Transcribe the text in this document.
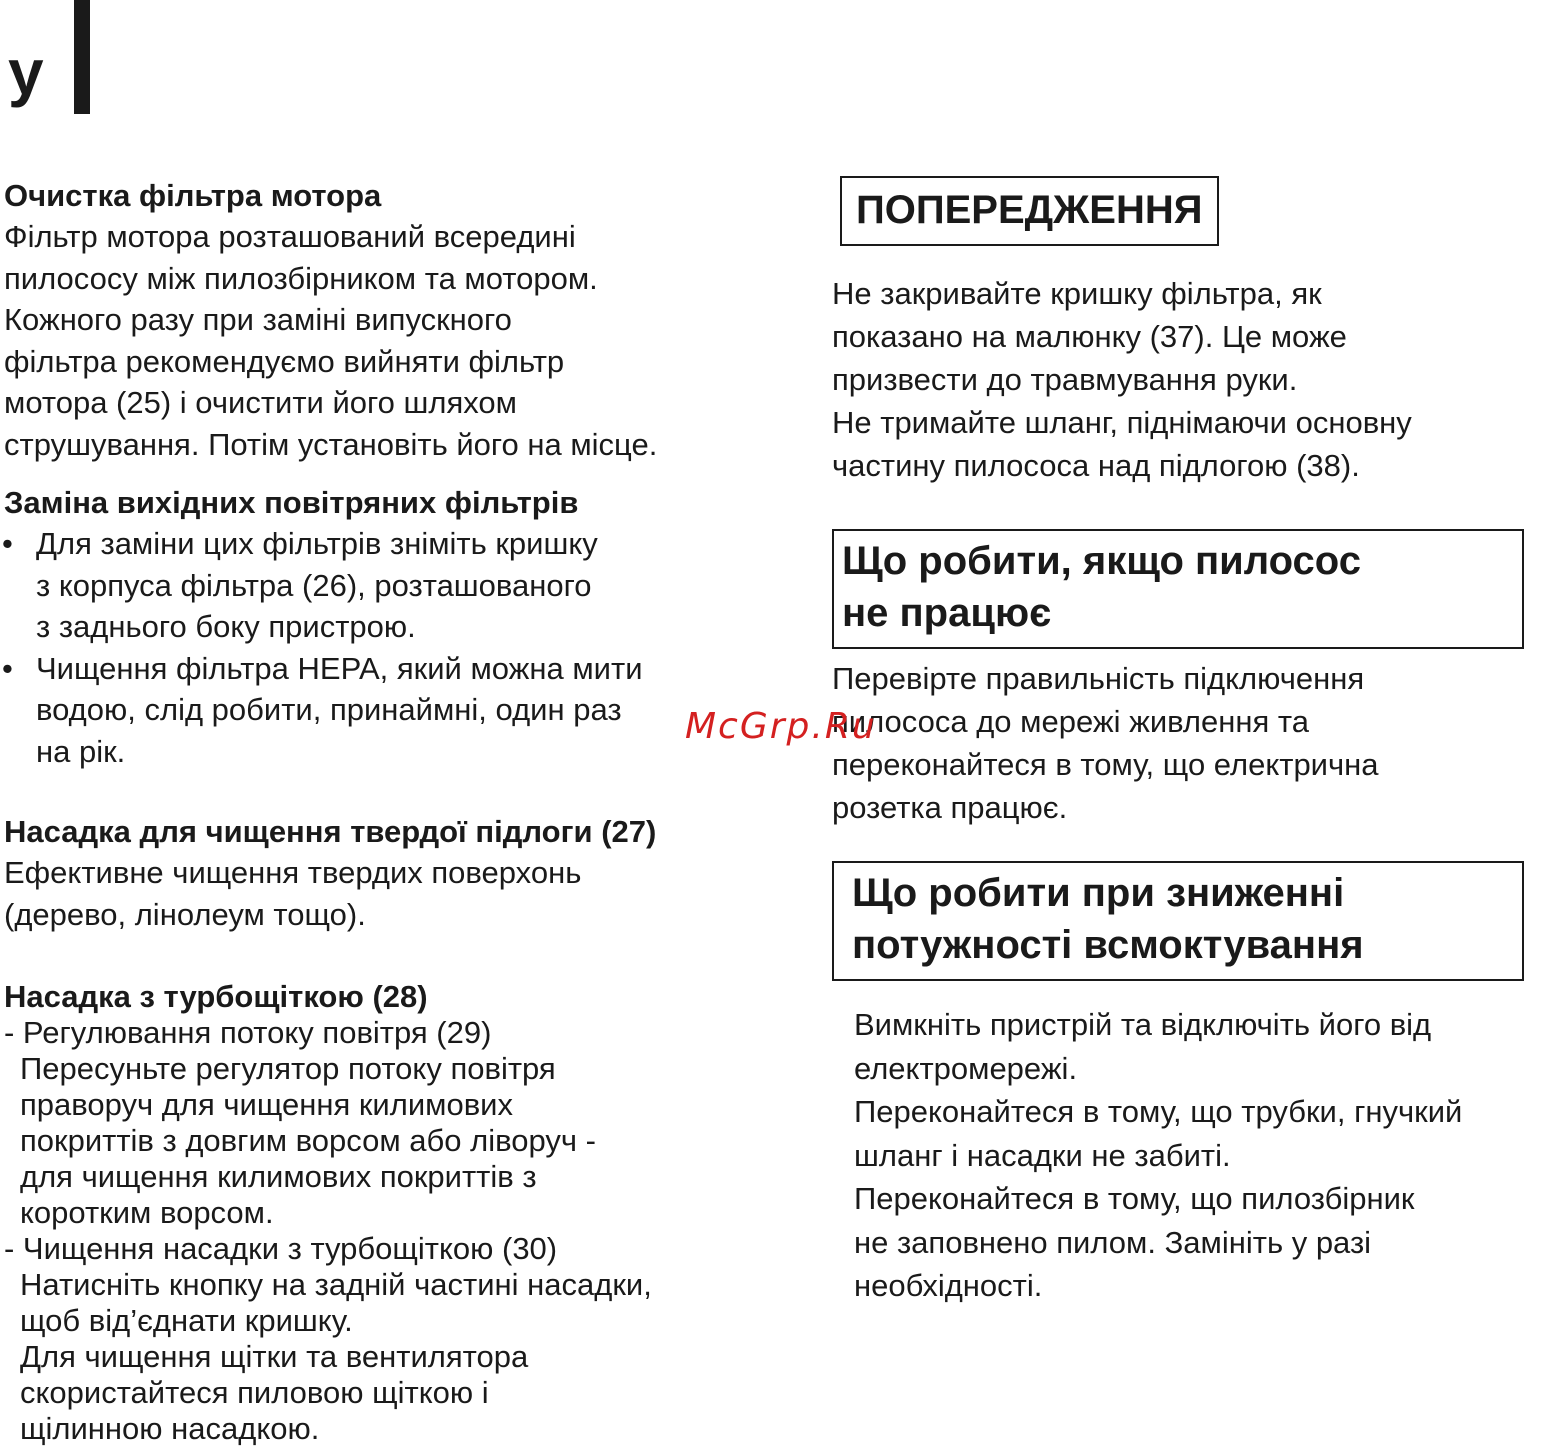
у

Очистка фільтра мотора

Фільтр мотора розташований всередині

пилососу між пилозбірником та мотором.

Кожного разу при заміні випускного

фільтра рекомендуємо вийняти фільтр

мотора (25) і очистити його шляхом

струшування. Потім установіть його на місце.

Заміна вихідних повітряних фільтрів

• Для заміни цих фільтрів зніміть кришку

з корпуса фільтра (26), розташованого

з заднього боку пристрою.

• Чищення фільтра HEPA, який можна мити

водою, слід робити, принаймні, один раз

на рік.

Насадка для чищення твердої підлоги (27)

Ефективне чищення твердих поверхонь

(дерево, лінолеум тощо).

Насадка з турбощіткою (28)

- Регулювання потоку повітря (29)

Пересуньте регулятор потоку повітря

праворуч для чищення килимових

покриттів з довгим ворсом або ліворуч -

для чищення килимових покриттів з

коротким ворсом.

- Чищення насадки з турбощіткою (30)

Натисніть кнопку на задній частині насадки,

щоб від’єднати кришку.

Для чищення щітки та вентилятора

скористайтеся пиловою щіткою і

щілинною насадкою.

ПОПЕРЕДЖЕННЯ

Не закривайте кришку фільтра, як

показано на малюнку (37). Це може

призвести до травмування руки.

Не тримайте шланг, піднімаючи основну

частину пилососа над підлогою (38).

Що робити, якщо пилосос
не працює

Перевірте правильність підключення

пилососа до мережі живлення та

переконайтеся в тому, що електрична

розетка працює.

Що робити при зниженні
потужності всмоктування

Вимкніть пристрій та відключіть його від

електромережі.

Переконайтеся в тому, що трубки, гнучкий

шланг і насадки не забиті.

Переконайтеся в тому, що пилозбірник

не заповнено пилом. Замініть у разі

необхідності.

McGrp.Ru
